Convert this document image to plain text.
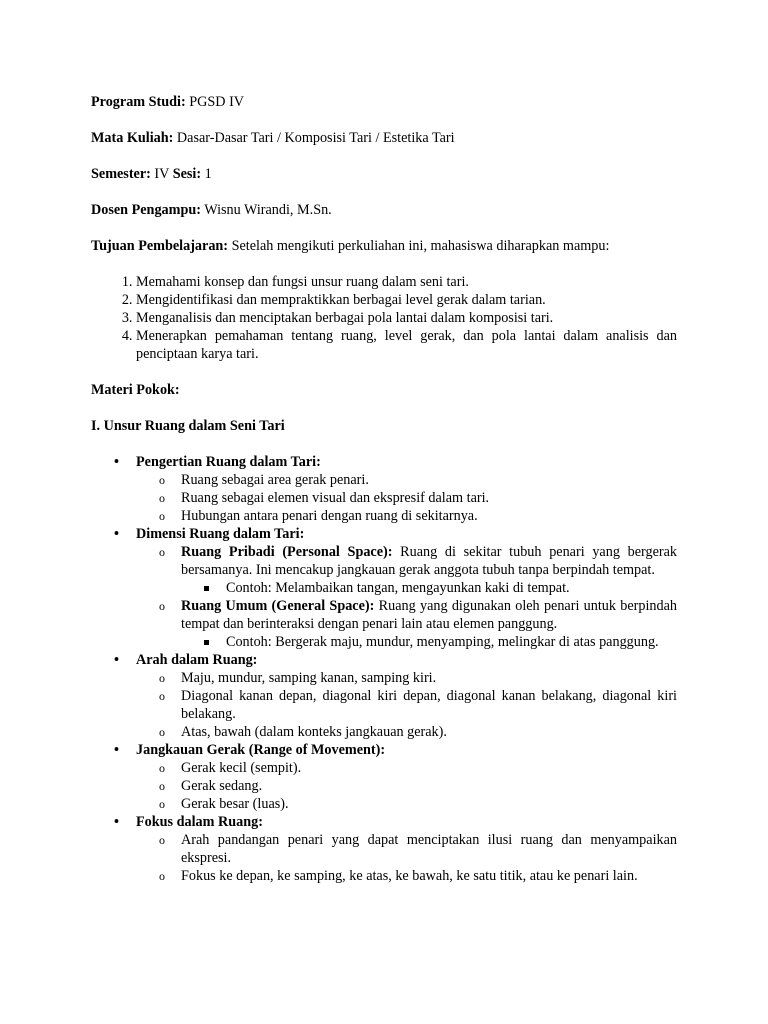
Program Studi: PGSD IV

Mata Kuliah: Dasar-Dasar Tari / Komposisi Tari / Estetika Tari

Semester: IV Sesi: 1

Dosen Pengampu: Wisnu Wirandi, M.Sn.

Tujuan Pembelajaran: Setelah mengikuti perkuliahan ini, mahasiswa diharapkan mampu:

1. Memahami konsep dan fungsi unsur ruang dalam seni tari.
2. Mengidentifikasi dan mempraktikkan berbagai level gerak dalam tarian.
3. Menganalisis dan menciptakan berbagai pola lantai dalam komposisi tari.
4. Menerapkan pemahaman tentang ruang, level gerak, dan pola lantai dalam analisis dan penciptaan karya tari.

Materi Pokok:

I. Unsur Ruang dalam Seni Tari

• Pengertian Ruang dalam Tari:
o Ruang sebagai area gerak penari.
o Ruang sebagai elemen visual dan ekspresif dalam tari.
o Hubungan antara penari dengan ruang di sekitarnya.
• Dimensi Ruang dalam Tari:
o Ruang Pribadi (Personal Space): Ruang di sekitar tubuh penari yang bergerak bersamanya. Ini mencakup jangkauan gerak anggota tubuh tanpa berpindah tempat.
Contoh: Melambaikan tangan, mengayunkan kaki di tempat.
o Ruang Umum (General Space): Ruang yang digunakan oleh penari untuk berpindah tempat dan berinteraksi dengan penari lain atau elemen panggung.
Contoh: Bergerak maju, mundur, menyamping, melingkar di atas panggung.
• Arah dalam Ruang:
o Maju, mundur, samping kanan, samping kiri.
o Diagonal kanan depan, diagonal kiri depan, diagonal kanan belakang, diagonal kiri belakang.
o Atas, bawah (dalam konteks jangkauan gerak).
• Jangkauan Gerak (Range of Movement):
o Gerak kecil (sempit).
o Gerak sedang.
o Gerak besar (luas).
• Fokus dalam Ruang:
o Arah pandangan penari yang dapat menciptakan ilusi ruang dan menyampaikan ekspresi.
o Fokus ke depan, ke samping, ke atas, ke bawah, ke satu titik, atau ke penari lain.
